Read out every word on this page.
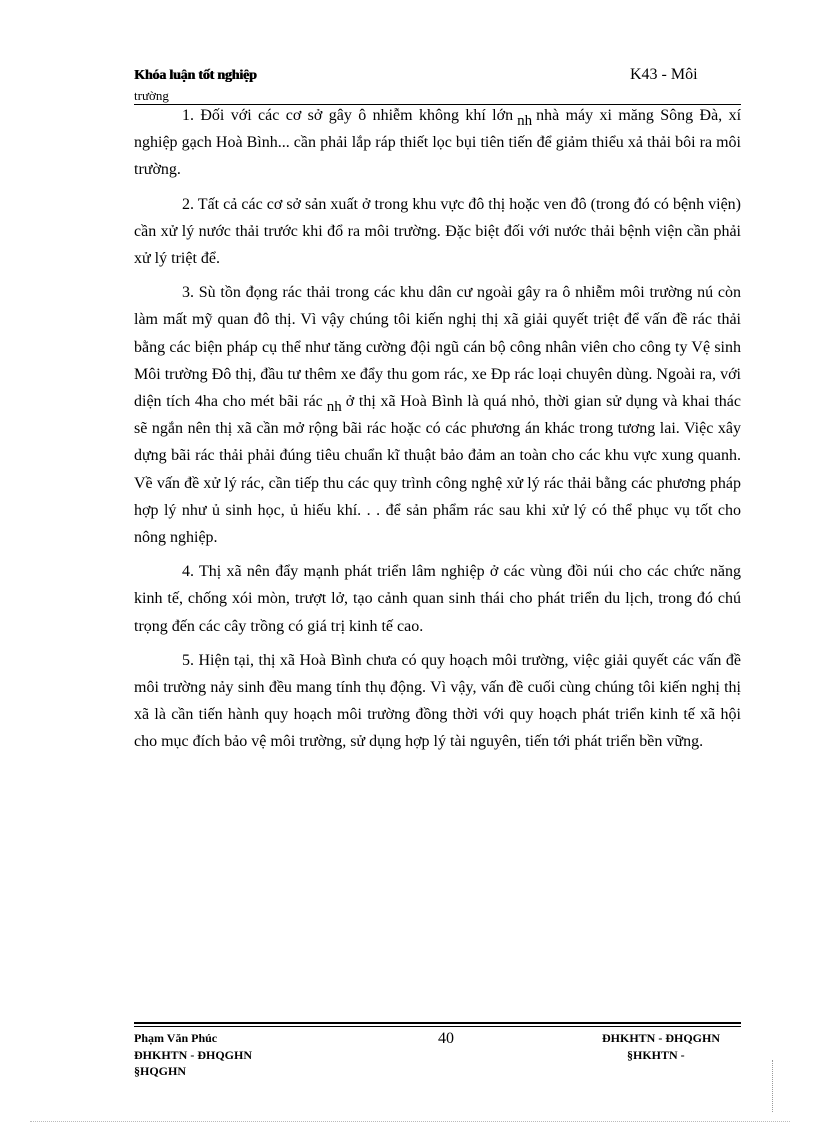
Khóa luận tốt nghiệp	K43 - Môi
trường

1. Đối với các cơ sở gây ô nhiễm không khí lớn $_{nh}$ nhà máy xi măng Sông Đà, xí nghiệp gạch Hoà Bình... cần phải lắp ráp thiết lọc bụi tiên tiến để giảm thiểu xả thải bôi ra môi trường.

2. Tất cả các cơ sở sản xuất ở trong khu vực đô thị hoặc ven đô (trong đó có bệnh viện) cần xử lý nước thải trước khi đổ ra môi trường. Đặc biệt đối với nước thải bệnh viện cần phải xử lý triệt để.

3. Sù tồn đọng rác thải trong các khu dân cư ngoài gây ra ô nhiễm môi trường nú còn làm mất mỹ quan đô thị. Vì vậy chúng tôi kiến nghị thị xã giải quyết triệt để vấn đề rác thải bằng các biện pháp cụ thể như tăng cường đội ngũ cán bộ công nhân viên cho công ty Vệ sinh Môi trường Đô thị, đầu tư thêm xe đẩy thu gom rác, xe Ðp rác loại chuyên dùng. Ngoài ra, với diện tích 4ha cho mét bãi rác $_{nh}$ ở thị xã Hoà Bình là quá nhỏ, thời gian sử dụng và khai thác sẽ ngắn nên thị xã cần mở rộng bãi rác hoặc có các phương án khác trong tương lai. Việc xây dựng bãi rác thải phải đúng tiêu chuẩn kĩ thuật bảo đảm an toàn cho các khu vực xung quanh. Về vấn đề xử lý rác, cần tiếp thu các quy trình công nghệ xử lý rác thải bằng các phương pháp hợp lý như ủ sinh học, ủ hiếu khí. . . để sản phẩm rác sau khi xử lý có thể phục vụ tốt cho nông nghiệp.

4. Thị xã nên đẩy mạnh phát triển lâm nghiệp ở các vùng đồi núi cho các chức năng kinh tế, chống xói mòn, trượt lở, tạo cảnh quan sinh thái cho phát triển du lịch, trong đó chú trọng đến các cây trồng có giá trị kinh tế cao.

5. Hiện tại, thị xã Hoà Bình chưa có quy hoạch môi trường, việc giải quyết các vấn đề môi trường nảy sinh đều mang tính thụ động. Vì vậy, vấn đề cuối cùng chúng tôi kiến nghị thị xã là cần tiến hành quy hoạch môi trường đồng thời với quy hoạch phát triển kinh tế xã hội cho mục đích bảo vệ môi trường, sử dụng hợp lý tài nguyên, tiến tới phát triển bền vững.

Phạm Văn Phúc
ĐHKHTN - ĐHQGHN
§HQGHN
40	ĐHKHTN - ĐHQGHN
§HKHTN -
